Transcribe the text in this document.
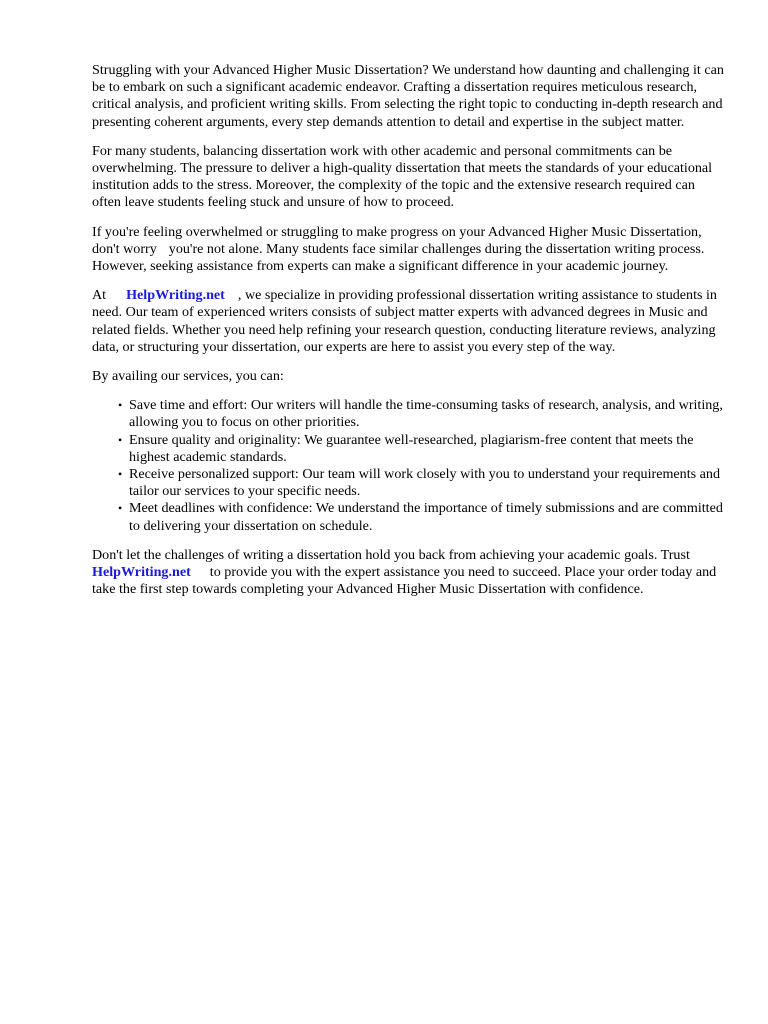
Struggling with your Advanced Higher Music Dissertation? We understand how daunting and challenging it can be to embark on such a significant academic endeavor. Crafting a dissertation requires meticulous research, critical analysis, and proficient writing skills. From selecting the right topic to conducting in-depth research and presenting coherent arguments, every step demands attention to detail and expertise in the subject matter.

For many students, balancing dissertation work with other academic and personal commitments can be overwhelming. The pressure to deliver a high-quality dissertation that meets the standards of your educational institution adds to the stress. Moreover, the complexity of the topic and the extensive research required can often leave students feeling stuck and unsure of how to proceed.

If you're feeling overwhelmed or struggling to make progress on your Advanced Higher Music Dissertation, don't worry you're not alone. Many students face similar challenges during the dissertation writing process. However, seeking assistance from experts can make a significant difference in your academic journey.

At HelpWriting.net , we specialize in providing professional dissertation writing assistance to students in need. Our team of experienced writers consists of subject matter experts with advanced degrees in Music and related fields. Whether you need help refining your research question, conducting literature reviews, analyzing data, or structuring your dissertation, our experts are here to assist you every step of the way.

By availing our services, you can:

• Save time and effort: Our writers will handle the time-consuming tasks of research, analysis, and writing, allowing you to focus on other priorities.
• Ensure quality and originality: We guarantee well-researched, plagiarism-free content that meets the highest academic standards.
• Receive personalized support: Our team will work closely with you to understand your requirements and tailor our services to your specific needs.
• Meet deadlines with confidence: We understand the importance of timely submissions and are committed to delivering your dissertation on schedule.

Don't let the challenges of writing a dissertation hold you back from achieving your academic goals. TrustHelpWriting.net to provide you with the expert assistance you need to succeed. Place your order today and take the first step towards completing your Advanced Higher Music Dissertation with confidence.
